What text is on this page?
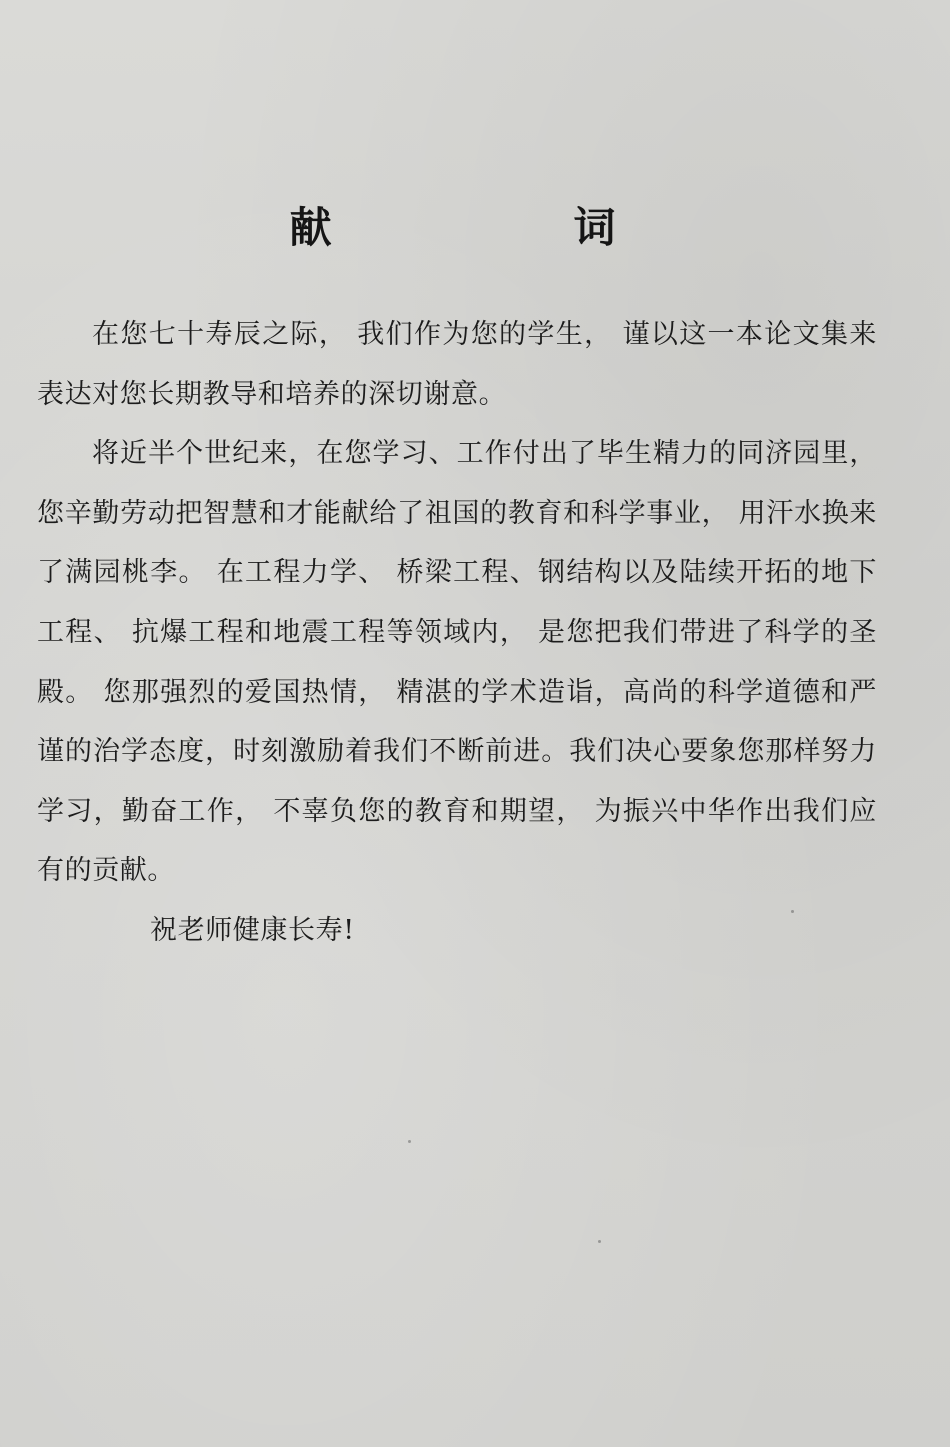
献　词

在您七十寿辰之际， 我们作为您的学生， 谨以这一本论文集来表达对您长期教导和培养的深切谢意。

将近半个世纪来，在您学习、工作付出了毕生精力的同济园里，您辛勤劳动把智慧和才能献给了祖国的教育和科学事业， 用汗水换来了满园桃李。 在工程力学、 桥梁工程、钢结构以及陆续开拓的地下工程、 抗爆工程和地震工程等领域内， 是您把我们带进了科学的圣殿。 您那强烈的爱国热情， 精湛的学术造诣，高尚的科学道德和严谨的治学态度，时刻激励着我们不断前进。我们决心要象您那样努力学习，勤奋工作， 不辜负您的教育和期望， 为振兴中华作出我们应有的贡献。

祝老师健康长寿!
